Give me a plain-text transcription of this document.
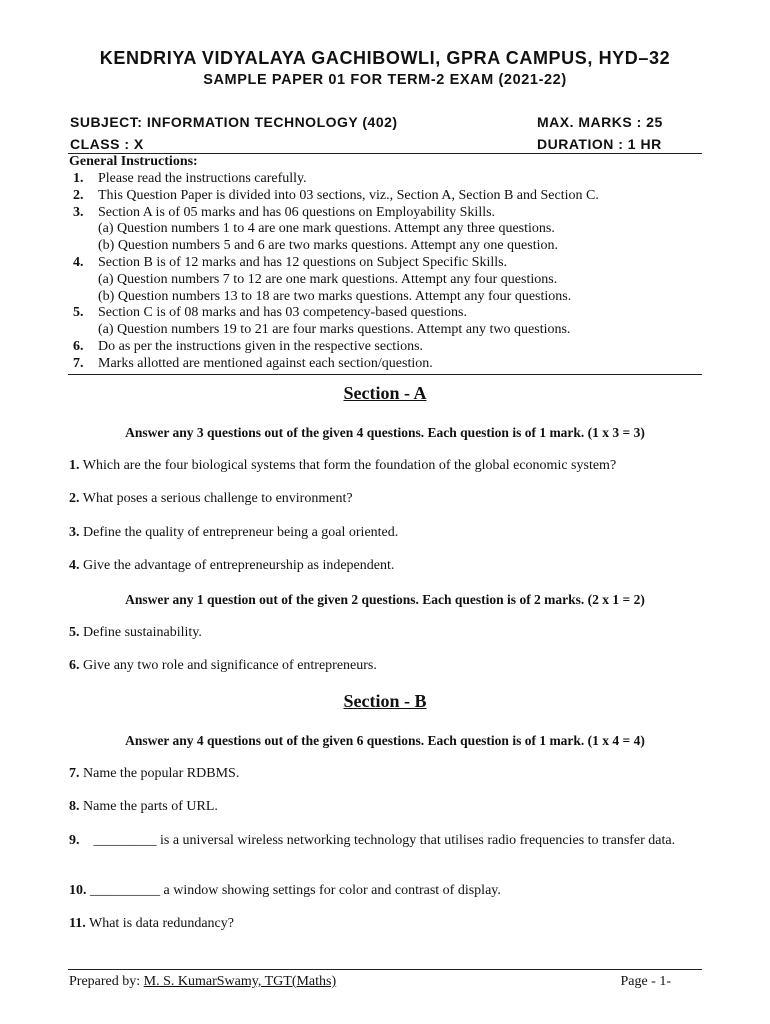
KENDRIYA VIDYALAYA GACHIBOWLI, GPRA CAMPUS, HYD–32
SAMPLE PAPER 01 FOR TERM-2 EXAM (2021-22)
SUBJECT: INFORMATION TECHNOLOGY (402)	MAX. MARKS : 25
CLASS : X	DURATION : 1 HR
General Instructions:
1. Please read the instructions carefully.
2. This Question Paper is divided into 03 sections, viz., Section A, Section B and Section C.
3. Section A is of 05 marks and has 06 questions on Employability Skills.
(a) Question numbers 1 to 4 are one mark questions. Attempt any three questions.
(b) Question numbers 5 and 6 are two marks questions. Attempt any one question.
4. Section B is of 12 marks and has 12 questions on Subject Specific Skills.
(a) Question numbers 7 to 12 are one mark questions. Attempt any four questions.
(b) Question numbers 13 to 18 are two marks questions. Attempt any four questions.
5. Section C is of 08 marks and has 03 competency-based questions.
(a) Question numbers 19 to 21 are four marks questions. Attempt any two questions.
6. Do as per the instructions given in the respective sections.
7. Marks allotted are mentioned against each section/question.
Section - A
Answer any 3 questions out of the given 4 questions. Each question is of 1 mark. (1 x 3 = 3)
1. Which are the four biological systems that form the foundation of the global economic system?
2. What poses a serious challenge to environment?
3. Define the quality of entrepreneur being a goal oriented.
4. Give the advantage of entrepreneurship as independent.
Answer any 1 question out of the given 2 questions. Each question is of 2 marks. (2 x 1 = 2)
5. Define sustainability.
6. Give any two role and significance of entrepreneurs.
Section - B
Answer any 4 questions out of the given 6 questions. Each question is of 1 mark. (1 x 4 = 4)
7. Name the popular RDBMS.
8. Name the parts of URL.
9. _________ is a universal wireless networking technology that utilises radio frequencies to transfer data.
10. __________ a window showing settings for color and contrast of display.
11. What is data redundancy?
Prepared by: M. S. KumarSwamy, TGT(Maths)	Page - 1-
